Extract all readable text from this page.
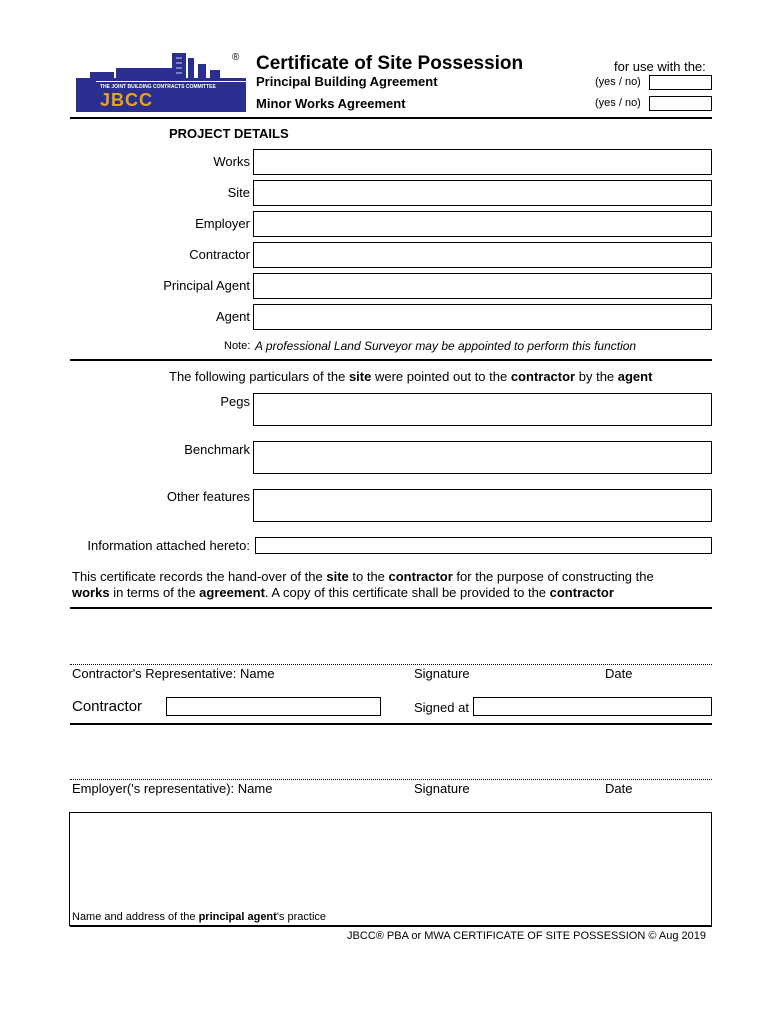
THE JOINT BUILDING CONTRACTS COMMITTEE
JBCC
® Certificate of Site Possession
Principal Building Agreement
Minor Works Agreement
for use with the:
(yes / no)
(yes / no)
PROJECT DETAILS
Works
Site
Employer
Contractor
Principal Agent
Agent
Note: A professional Land Surveyor may be appointed to perform this function
The following particulars of the site were pointed out to the contractor by the agent
Pegs
Benchmark
Other features
Information attached hereto:
This certificate records the hand-over of the site to the contractor for the purpose of constructing the
works in terms of the agreement. A copy of this certificate shall be provided to the contractor
Contractor's Representative: Name	Signature	Date
Contractor	Signed at
Employer('s representative): Name	Signature	Date
Name and address of the principal agent's practice
JBCC® PBA or MWA CERTIFICATE OF SITE POSSESSION © Aug 2019
